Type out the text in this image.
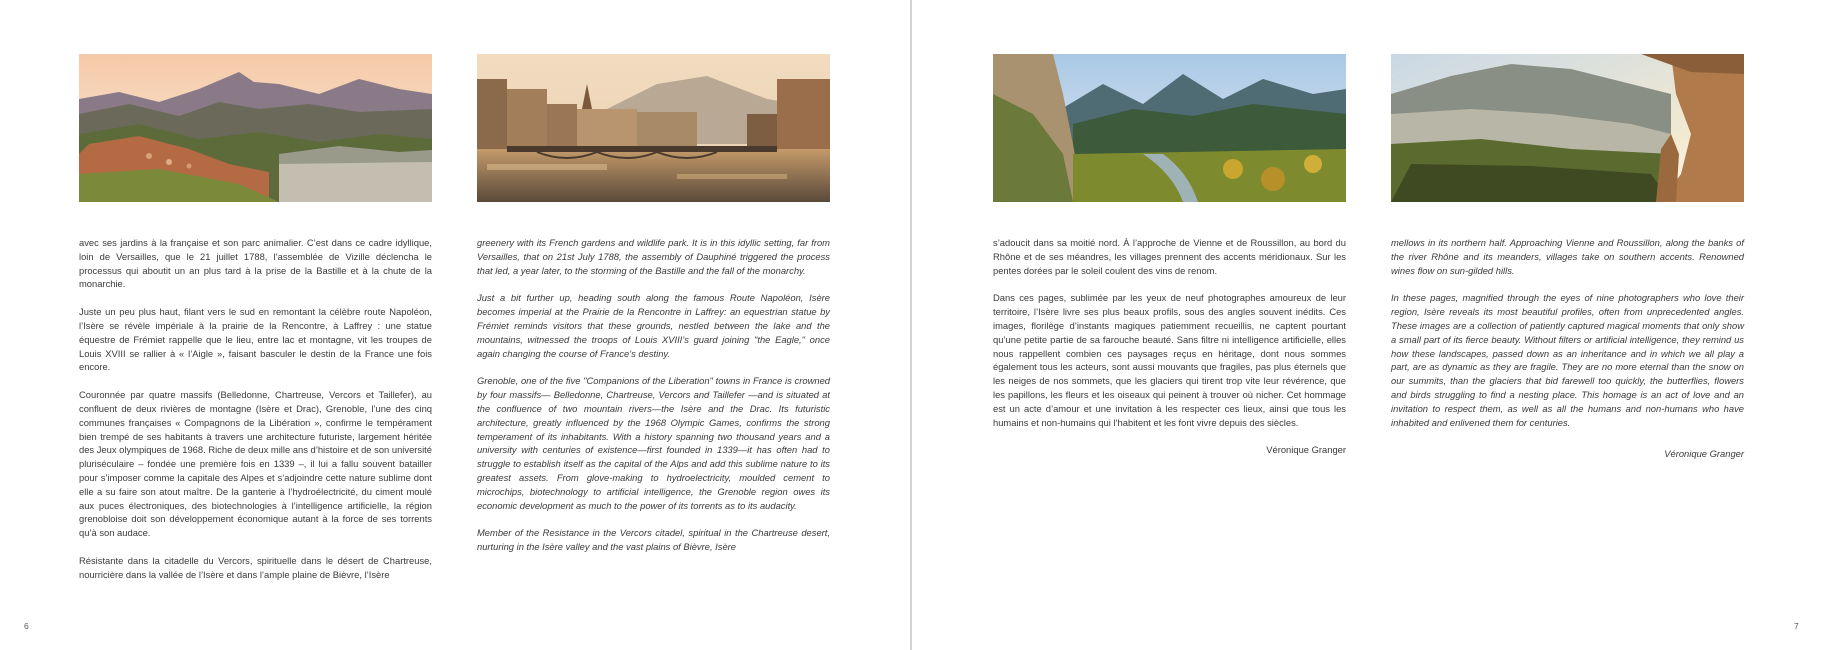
avec ses jardins à la française et son parc animalier. C’est dans ce cadre idyllique, loin de Versailles, que le 21 juillet 1788, l’assemblée de Vizille déclencha le processus qui aboutit un an plus tard à la prise de la Bastille et à la chute de la monarchie.

Juste un peu plus haut, filant vers le sud en remontant la célèbre route Napoléon, l’Isère se révèle impériale à la prairie de la Rencontre, à Laffrey : une statue équestre de Frémiet rappelle que le lieu, entre lac et montagne, vit les troupes de Louis XVIII se rallier à « l’Aigle », faisant basculer le destin de la France une fois encore.

Couronnée par quatre massifs (Belledonne, Chartreuse, Vercors et Taillefer), au confluent de deux rivières de montagne (Isère et Drac), Grenoble, l’une des cinq communes françaises « Compagnons de la Libération », confirme le tempérament bien trempé de ses habitants à travers une architecture futuriste, largement héritée des Jeux olympiques de 1968. Riche de deux mille ans d’histoire et de son université pluriséculaire – fondée une première fois en 1339 –, il lui a fallu souvent batailler pour s’imposer comme la capitale des Alpes et s’adjoindre cette nature sublime dont elle a su faire son atout maître. De la ganterie à l’hydroélectricité, du ciment moulé aux puces électroniques, des biotechnologies à l’intelligence artificielle, la région grenobloise doit son développement économique autant à la force de ses torrents qu’à son audace.

Résistante dans la citadelle du Vercors, spirituelle dans le désert de Chartreuse, nourricière dans la vallée de l’Isère et dans l’ample plaine de Bièvre, l’Isère

greenery with its French gardens and wildlife park. It is in this idyllic setting, far from Versailles, that on 21st July 1788, the assembly of Dauphiné triggered the process that led, a year later, to the storming of the Bastille and the fall of the monarchy.

Just a bit further up, heading south along the famous Route Napoléon, Isère becomes imperial at the Prairie de la Rencontre in Laffrey: an equestrian statue by Frémiet reminds visitors that these grounds, nestled between the lake and the mountains, witnessed the troops of Louis XVIII’s guard joining "the Eagle," once again changing the course of France’s destiny.

Grenoble, one of the five "Companions of the Liberation" towns in France is crowned by four massifs— Belledonne, Chartreuse, Vercors and Taillefer —and is situated at the confluence of two mountain rivers—the Isère and the Drac. Its futuristic architecture, greatly influenced by the 1968 Olympic Games, confirms the strong temperament of its inhabitants. With a history spanning two thousand years and a university with centuries of existence—first founded in 1339—it has often had to struggle to establish itself as the capital of the Alps and add this sublime nature to its greatest assets. From glove-making to hydroelectricity, moulded cement to microchips, biotechnology to artificial intelligence, the Grenoble region owes its economic development as much to the power of its torrents as to its audacity.

Member of the Resistance in the Vercors citadel, spiritual in the Chartreuse desert, nurturing in the Isère valley and the vast plains of Bièvre, Isère

6

s’adoucit dans sa moitié nord. À l’approche de Vienne et de Roussillon, au bord du Rhône et de ses méandres, les villages prennent des accents méridionaux. Sur les pentes dorées par le soleil coulent des vins de renom.

Dans ces pages, sublimée par les yeux de neuf photographes amoureux de leur territoire, l’Isère livre ses plus beaux profils, sous des angles souvent inédits. Ces images, florilège d’instants magiques patiemment recueillis, ne captent pourtant qu’une petite partie de sa farouche beauté. Sans filtre ni intelligence artificielle, elles nous rappellent combien ces paysages reçus en héritage, dont nous sommes également tous les acteurs, sont aussi mouvants que fragiles, pas plus éternels que les neiges de nos sommets, que les glaciers qui tirent trop vite leur révérence, que les papillons, les fleurs et les oiseaux qui peinent à trouver où nicher. Cet hommage est un acte d’amour et une invitation à les respecter ces lieux, ainsi que tous les humains et non-humains qui l’habitent et les font vivre depuis des siècles.

Véronique Granger

mellows in its northern half. Approaching Vienne and Roussillon, along the banks of the river Rhône and its meanders, villages take on southern accents. Renowned wines flow on sun-gilded hills.

In these pages, magnified through the eyes of nine photographers who love their region, Isère reveals its most beautiful profiles, often from unprecedented angles. These images are a collection of patiently captured magical moments that only show a small part of its fierce beauty. Without filters or artificial intelligence, they remind us how these landscapes, passed down as an inheritance and in which we all play a part, are as dynamic as they are fragile. They are no more eternal than the snow on our summits, than the glaciers that bid farewell too quickly, the butterflies, flowers and birds struggling to find a nesting place. This homage is an act of love and an invitation to respect them, as well as all the humans and non-humans who have inhabited and enlivened them for centuries.

Véronique Granger
7
